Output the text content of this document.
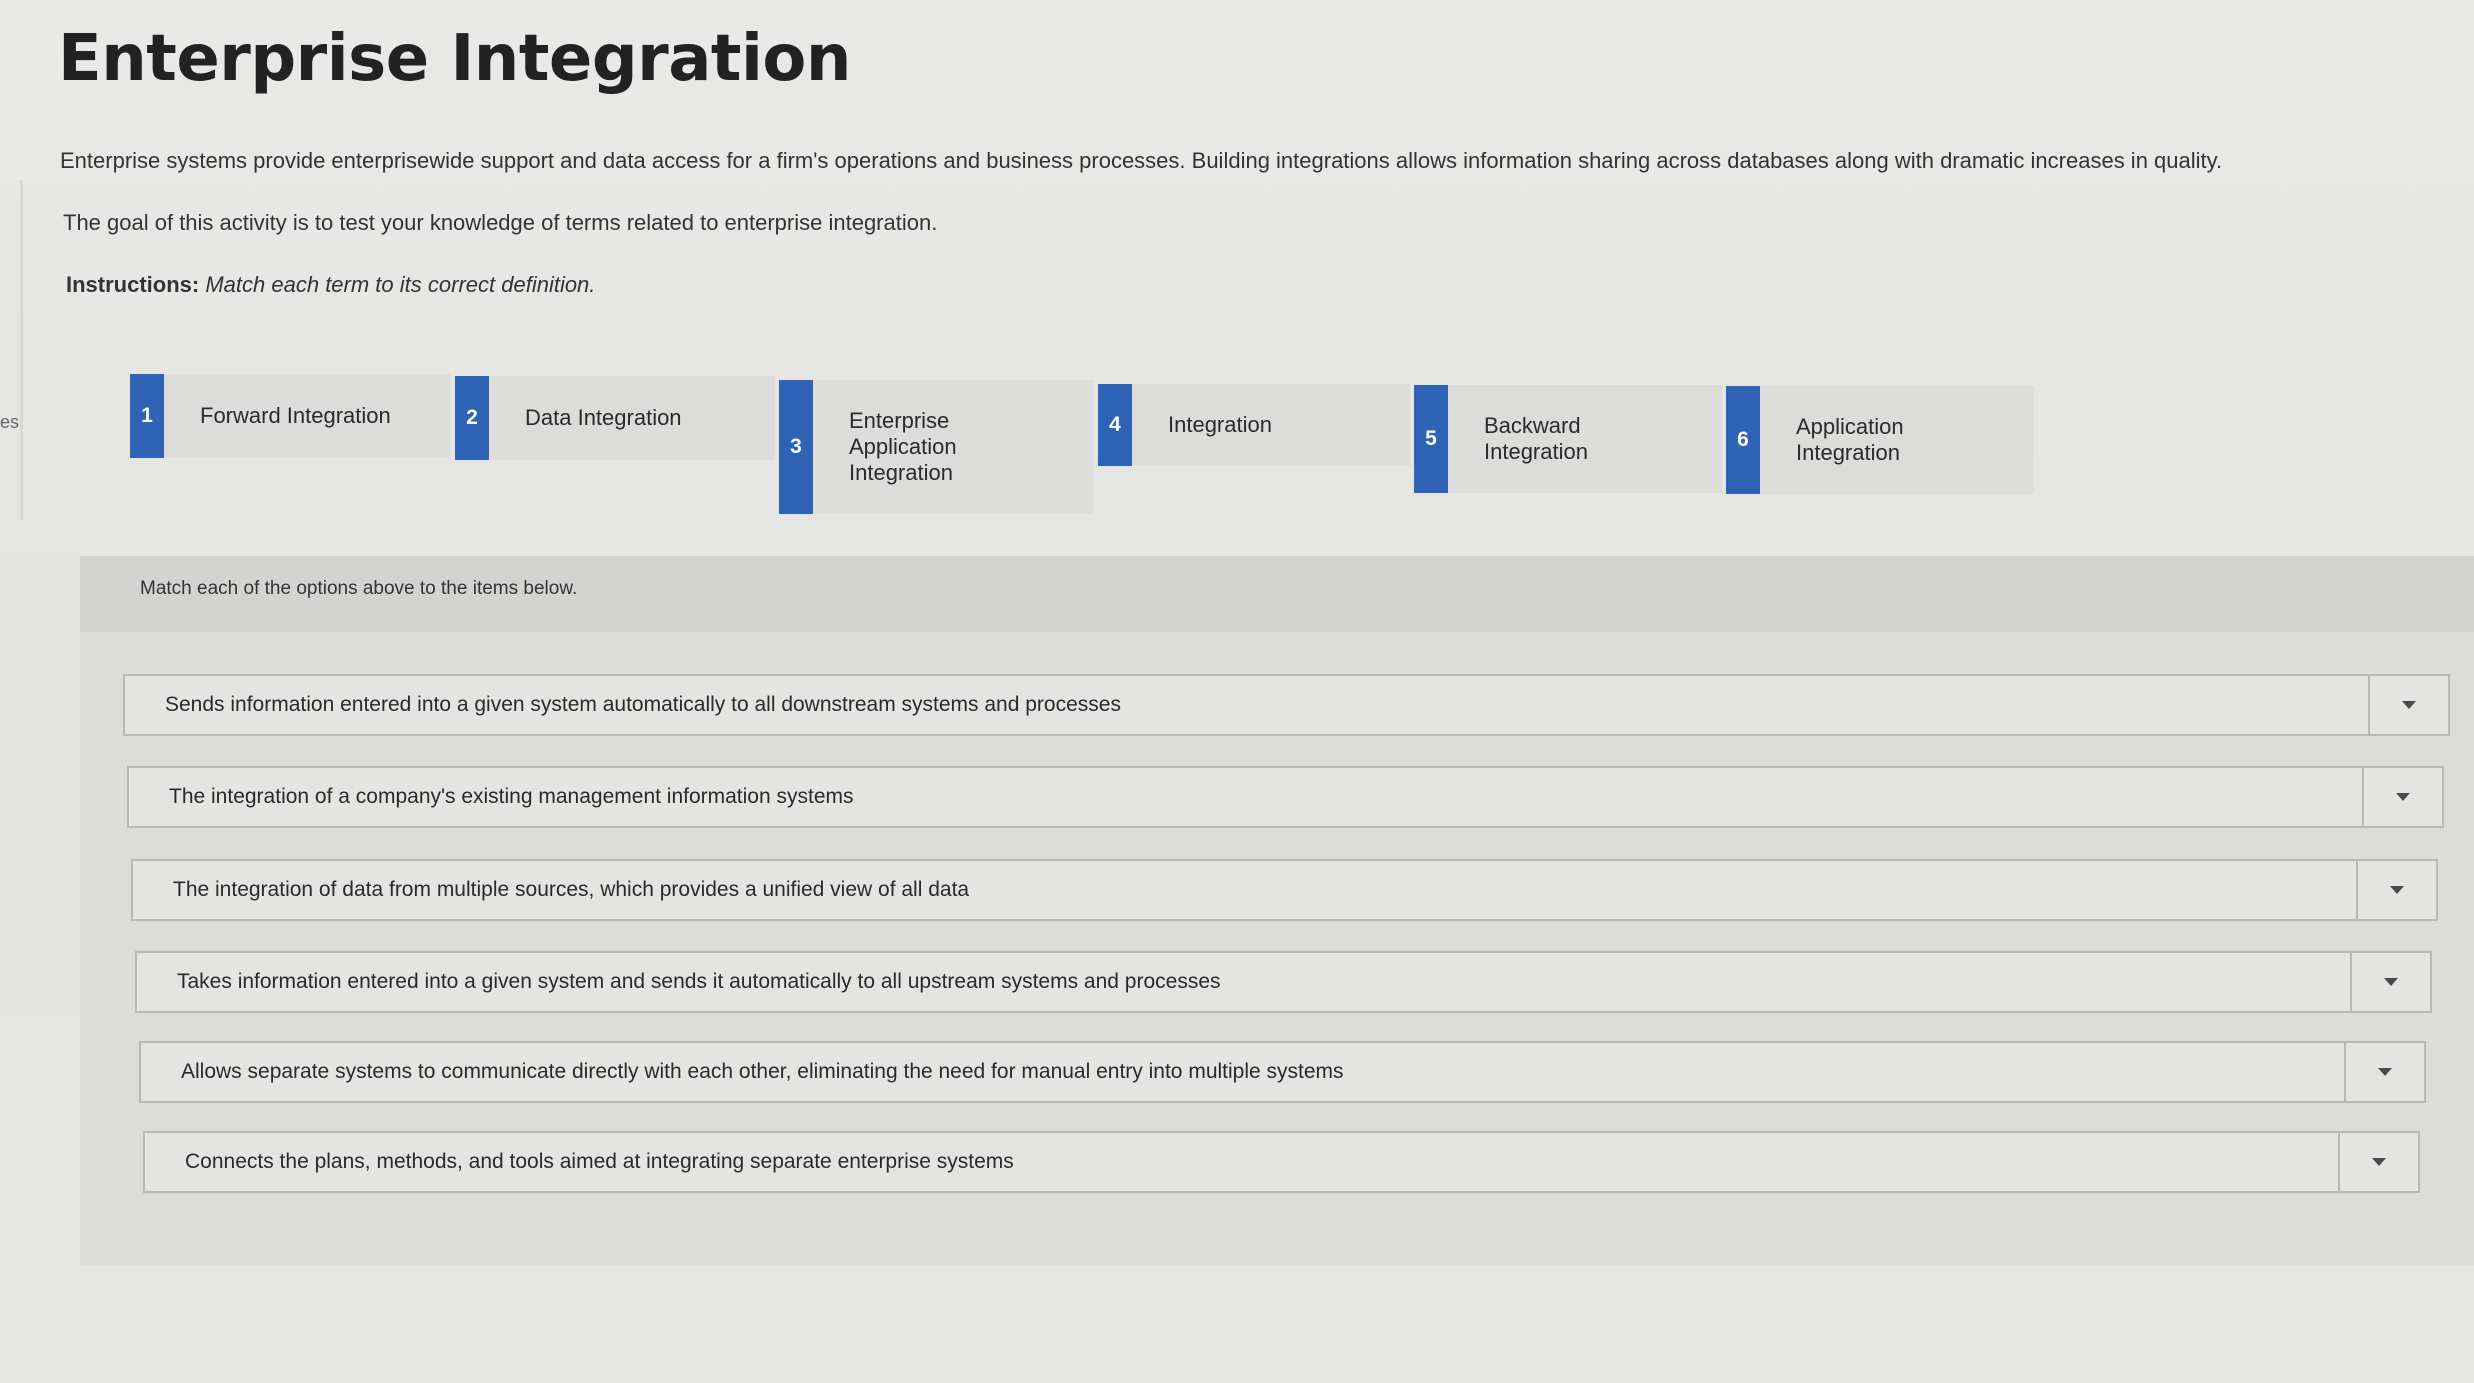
es
Enterprise Integration

Enterprise systems provide enterprisewide support and data access for a firm's operations and business processes. Building integrations allows information sharing across databases along with dramatic increases in quality.

The goal of this activity is to test your knowledge of terms related to enterprise integration.

Instructions: Match each term to its correct definition.

1	Forward Integration	2	Data Integration
3
Enterprise Application Integration
4	Integration
5
Backward Integration	6
Application Integration

Match each of the options above to the items below.

Sends information entered into a given system automatically to all downstream systems and processes
The integration of a company's existing management information systems
The integration of data from multiple sources, which provides a unified view of all data
Takes information entered into a given system and sends it automatically to all upstream systems and processes
Allows separate systems to communicate directly with each other, eliminating the need for manual entry into multiple systems
Connects the plans, methods, and tools aimed at integrating separate enterprise systems
